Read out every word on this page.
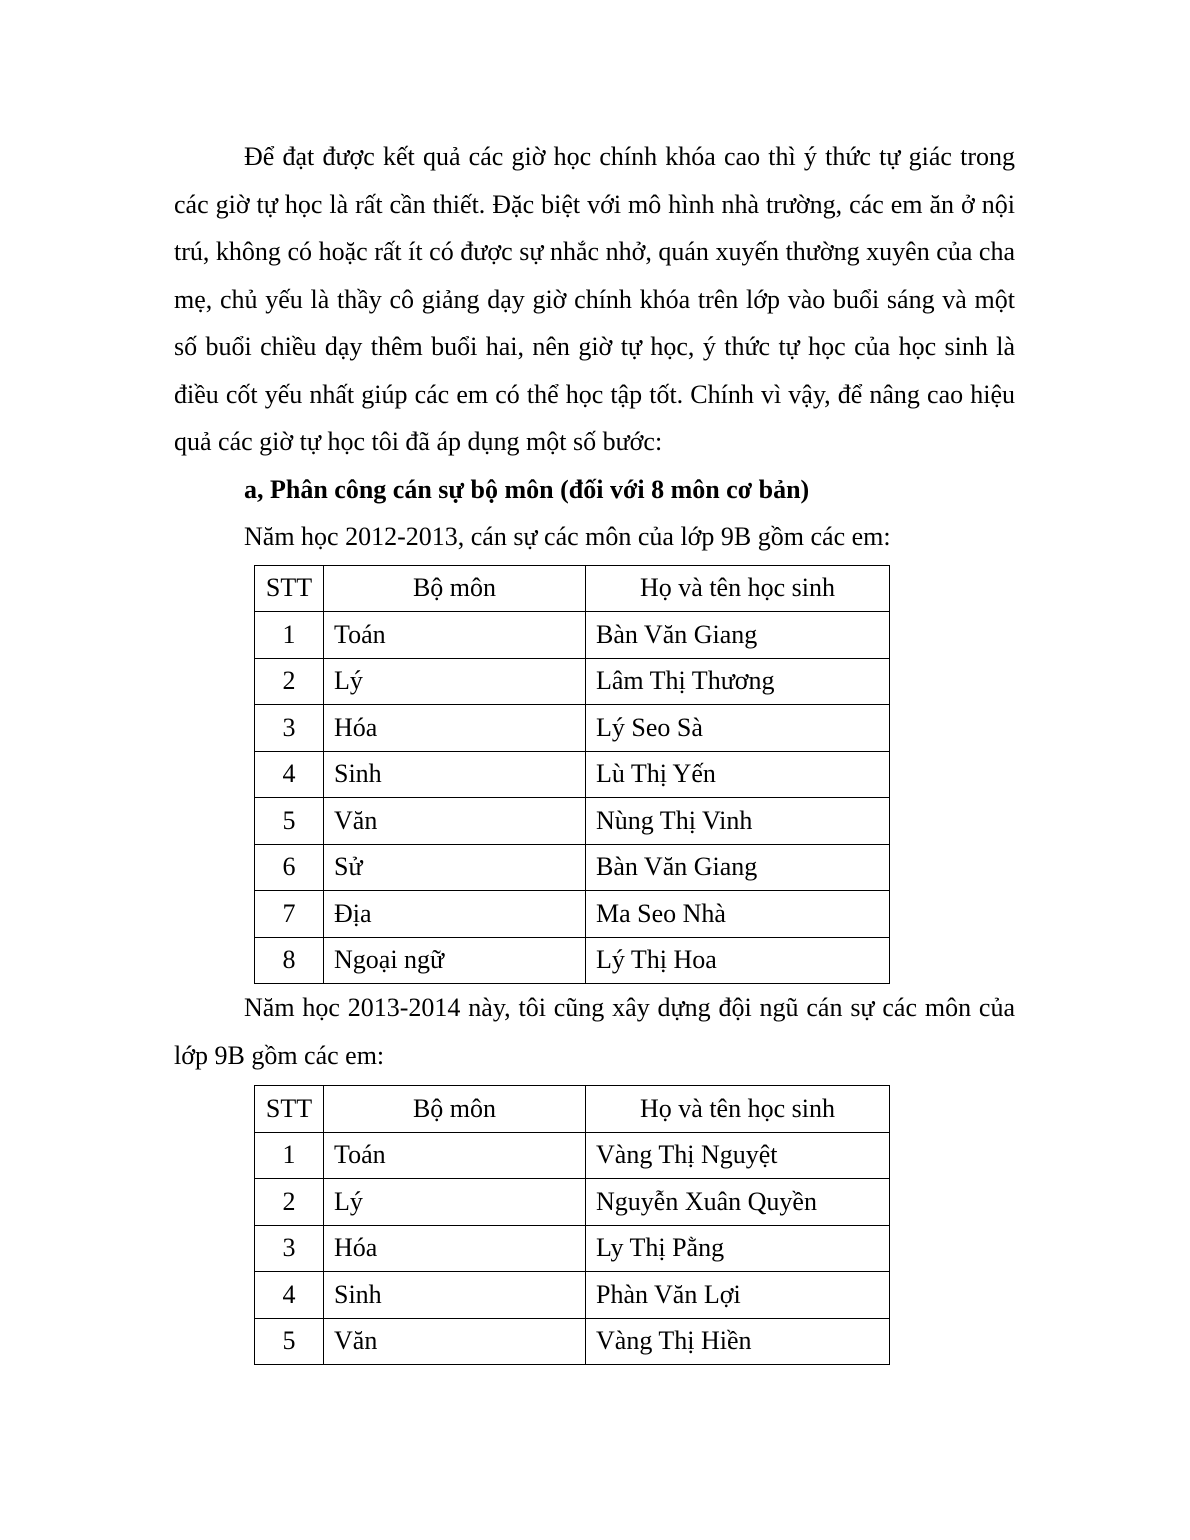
Để đạt được kết quả các giờ học chính khóa cao thì ý thức tự giác trong các giờ tự học là rất cần thiết. Đặc biệt với mô hình nhà trường, các em ăn ở nội trú, không có hoặc rất ít có được sự nhắc nhở, quán xuyến thường xuyên của cha mẹ, chủ yếu là thầy cô giảng dạy giờ chính khóa trên lớp vào buổi sáng và một số buổi chiều dạy thêm buổi hai, nên giờ tự học, ý thức tự học của học sinh là điều cốt yếu nhất giúp các em có thể học tập tốt. Chính vì vậy, để nâng cao hiệu quả các giờ tự học tôi đã áp dụng một số bước:

a, Phân công cán sự bộ môn (đối với 8 môn cơ bản)

Năm học 2012-2013, cán sự các môn của lớp 9B gồm các em:

STT	Bộ môn	Họ và tên học sinh
1	Toán	Bàn Văn Giang
2	Lý	Lâm Thị Thương
3	Hóa	Lý Seo Sà
4	Sinh	Lù Thị Yến
5	Văn	Nùng Thị Vinh
6	Sử	Bàn Văn Giang
7	Địa	Ma Seo Nhà
8	Ngoại ngữ	Lý Thị Hoa

Năm học 2013-2014 này, tôi cũng xây dựng đội ngũ cán sự các môn của lớp 9B gồm các em:

STT	Bộ môn	Họ và tên học sinh
1	Toán	Vàng Thị Nguyệt
2	Lý	Nguyễn Xuân Quyền
3	Hóa	Ly Thị Pằng
4	Sinh	Phàn Văn Lợi
5	Văn	Vàng Thị Hiền
